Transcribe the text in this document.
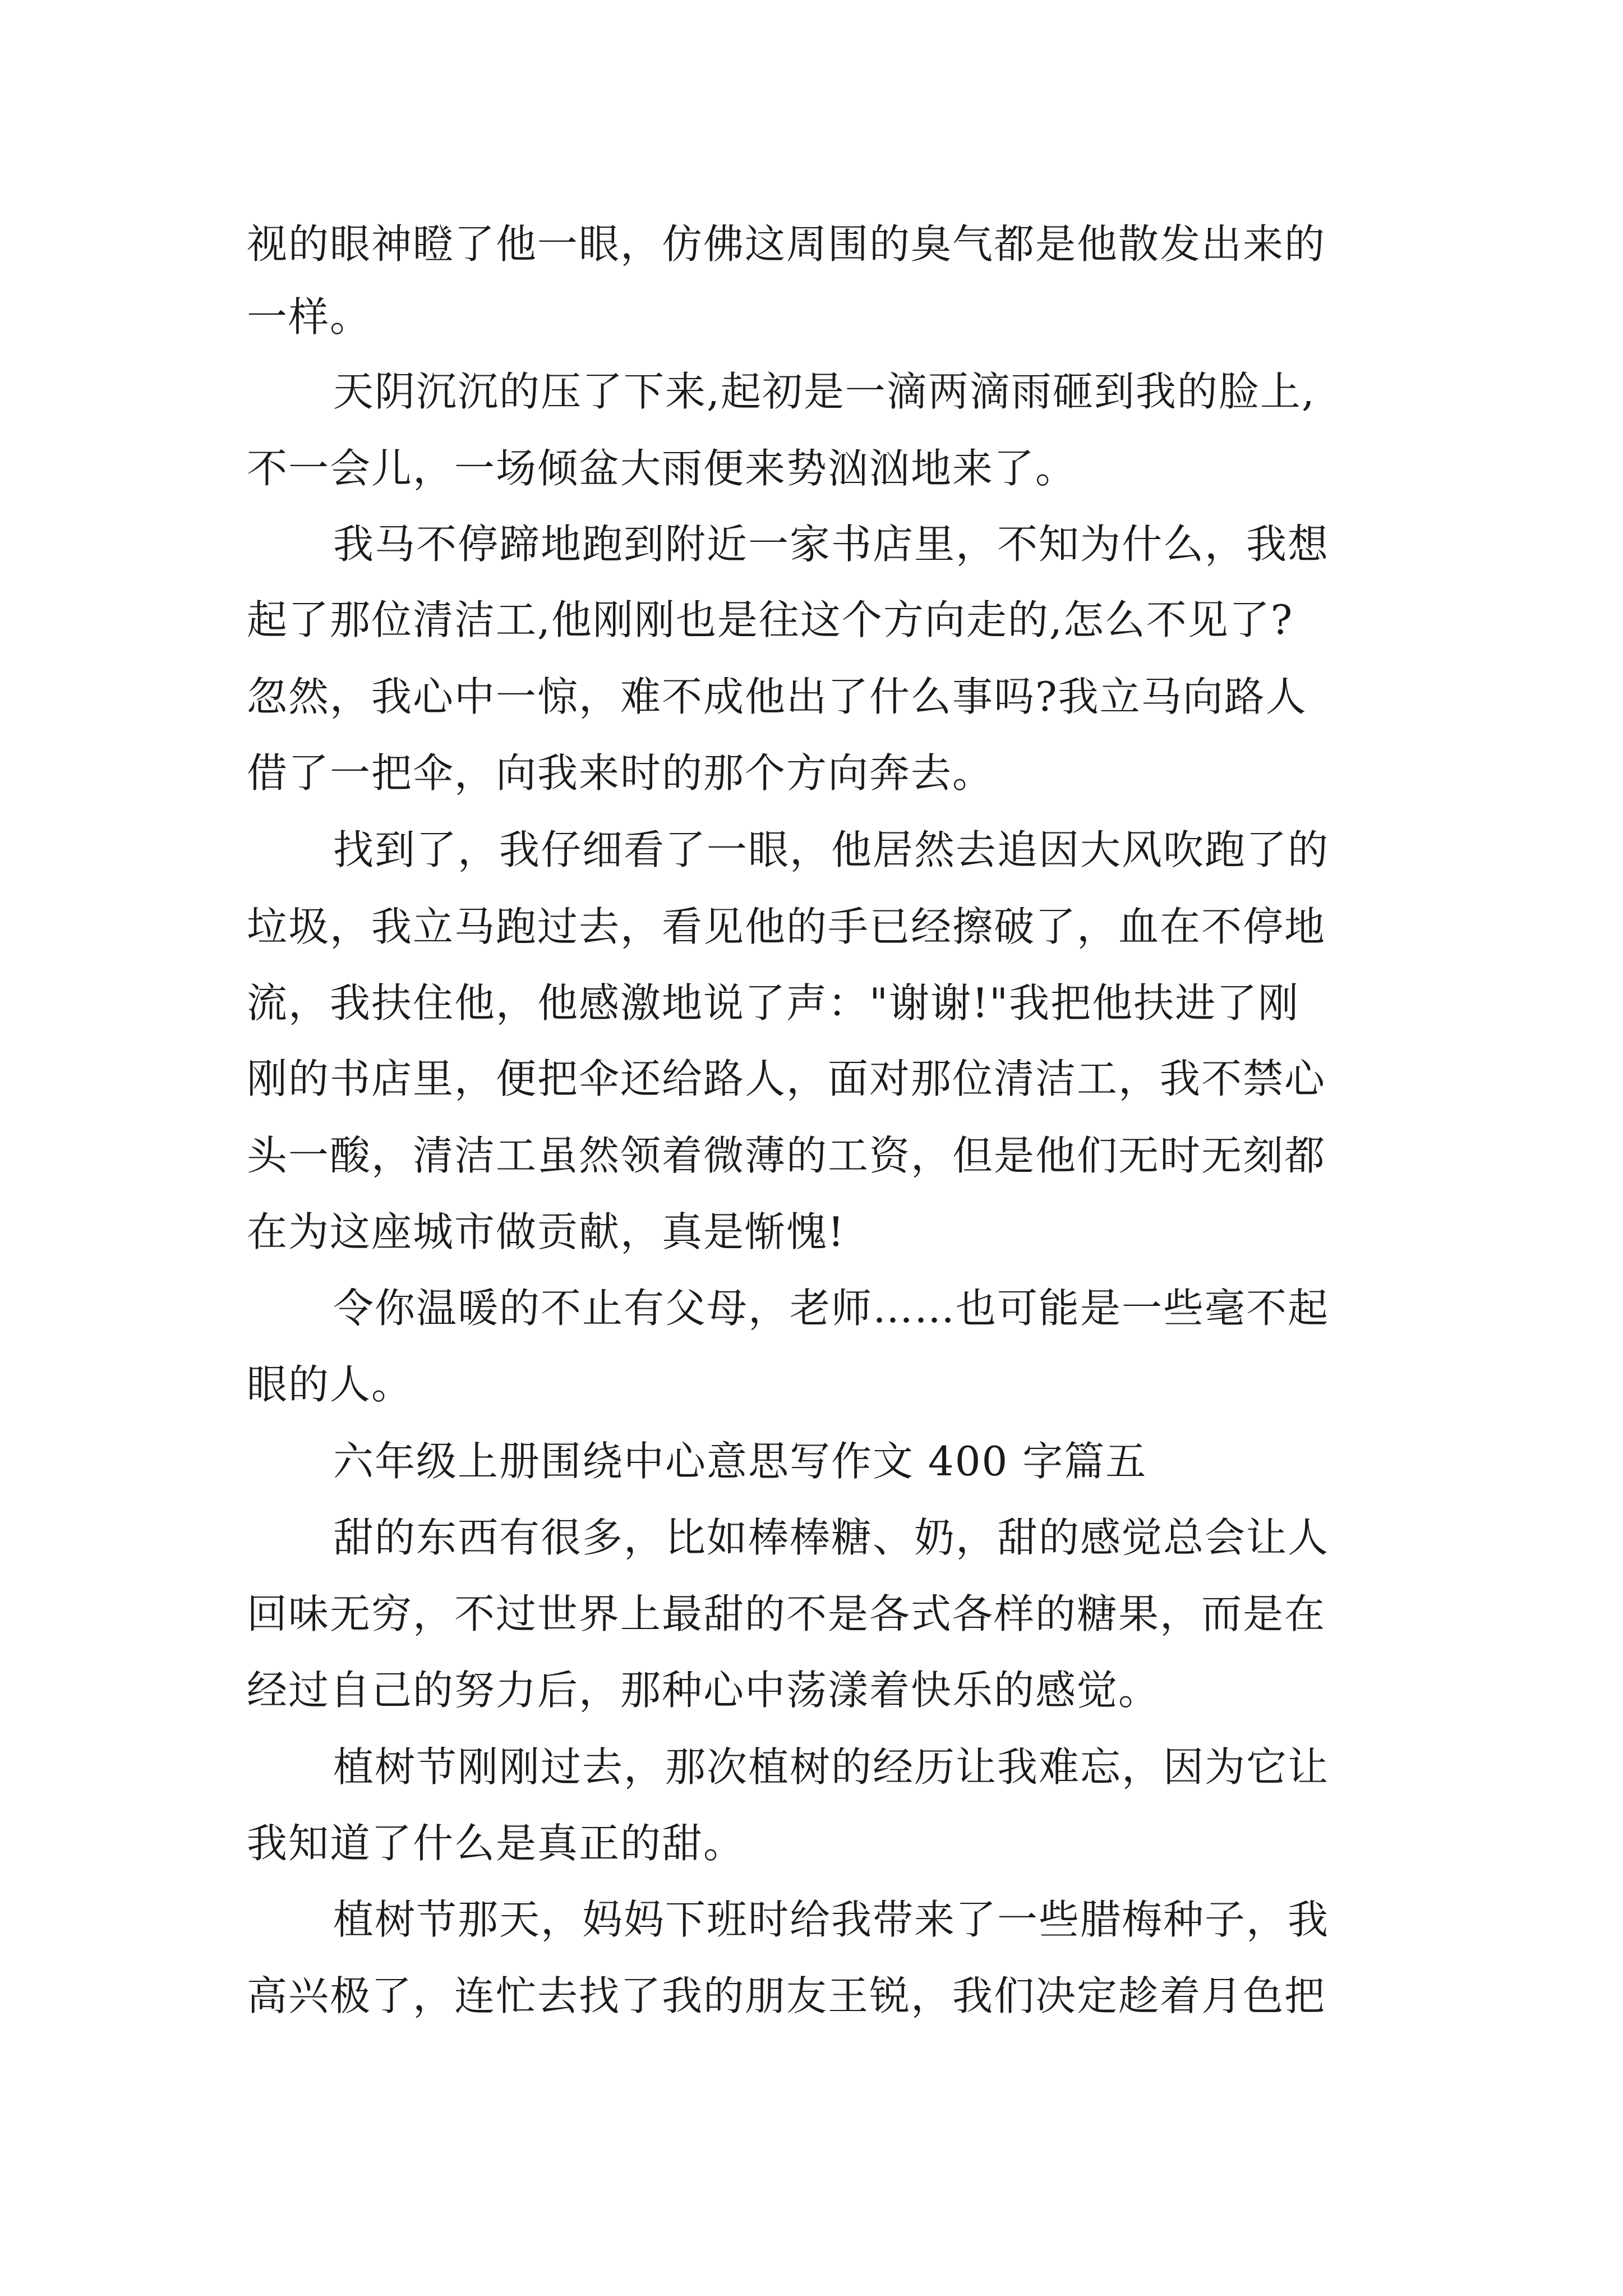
视的眼神瞪了他一眼，仿佛这周围的臭气都是他散发出来的
一样。
天阴沉沉的压了下来,起初是一滴两滴雨砸到我的脸上,
不一会儿，一场倾盆大雨便来势汹汹地来了。
我马不停蹄地跑到附近一家书店里，不知为什么，我想
起了那位清洁工,他刚刚也是往这个方向走的,怎么不见了?
忽然，我心中一惊，难不成他出了什么事吗?我立马向路人
借了一把伞，向我来时的那个方向奔去。
找到了，我仔细看了一眼，他居然去追因大风吹跑了的
垃圾，我立马跑过去，看见他的手已经擦破了，血在不停地
流，我扶住他，他感激地说了声："谢谢!"我把他扶进了刚
刚的书店里，便把伞还给路人，面对那位清洁工，我不禁心
头一酸，清洁工虽然领着微薄的工资，但是他们无时无刻都
在为这座城市做贡献，真是惭愧!
令你温暖的不止有父母，老师……也可能是一些毫不起
眼的人。
六年级上册围绕中心意思写作文 400 字篇五
甜的东西有很多，比如棒棒糖、奶，甜的感觉总会让人
回味无穷，不过世界上最甜的不是各式各样的糖果，而是在
经过自己的努力后，那种心中荡漾着快乐的感觉。
植树节刚刚过去，那次植树的经历让我难忘，因为它让
我知道了什么是真正的甜。
植树节那天，妈妈下班时给我带来了一些腊梅种子，我
高兴极了，连忙去找了我的朋友王锐，我们决定趁着月色把
